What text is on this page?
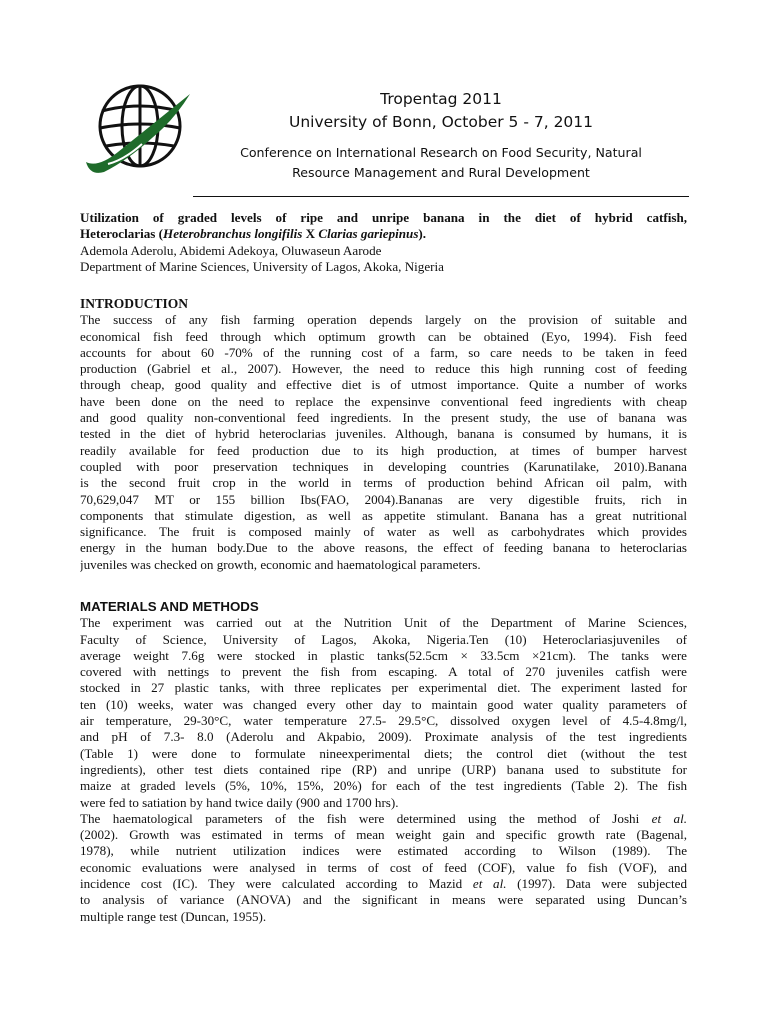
Tropentag 2011
University of Bonn, October 5 - 7, 2011
Conference on International Research on Food Security, Natural
Resource Management and Rural Development
Utilization of graded levels of ripe and unripe banana in the diet of hybrid catfish,
Heteroclarias (Heterobranchus longifilis X Clarias gariepinus).
Ademola Aderolu, Abidemi Adekoya, Oluwaseun Aarode
Department of Marine Sciences, University of Lagos, Akoka, Nigeria
INTRODUCTION
The success of any fish farming operation depends largely on the provision of suitable and
economical fish feed through which optimum growth can be obtained (Eyo, 1994). Fish feed
accounts for about 60 -70% of the running cost of a farm, so care needs to be taken in feed
production (Gabriel et al., 2007). However, the need to reduce this high running cost of feeding
through cheap, good quality and effective diet is of utmost importance. Quite a number of works
have been done on the need to replace the expensinve conventional feed ingredients with cheap
and good quality non-conventional feed ingredients. In the present study, the use of banana was
tested in the diet of hybrid heteroclarias juveniles. Although, banana is consumed by humans, it is
readily available for feed production due to its high production, at times of bumper harvest
coupled with poor preservation techniques in developing countries (Karunatilake, 2010).Banana
is the second fruit crop in the world in terms of production behind African oil palm, with
70,629,047 MT or 155 billion Ibs(FAO, 2004).Bananas are very digestible fruits, rich in
components that stimulate digestion, as well as appetite stimulant. Banana has a great nutritional
significance. The fruit is composed mainly of water as well as carbohydrates which provides
energy in the human body.Due to the above reasons, the effect of feeding banana to heteroclarias
juveniles was checked on growth, economic and haematological parameters.
MATERIALS AND METHODS
The experiment was carried out at the Nutrition Unit of the Department of Marine Sciences,
Faculty of Science, University of Lagos, Akoka, Nigeria.Ten (10) Heteroclariasjuveniles of
average weight 7.6g were stocked in plastic tanks(52.5cm × 33.5cm ×21cm). The tanks were
covered with nettings to prevent the fish from escaping. A total of 270 juveniles catfish were
stocked in 27 plastic tanks, with three replicates per experimental diet. The experiment lasted for
ten (10) weeks, water was changed every other day to maintain good water quality parameters of
air temperature, 29-30°C, water temperature 27.5- 29.5°C, dissolved oxygen level of 4.5-4.8mg/l,
and pH of 7.3- 8.0 (Aderolu and Akpabio, 2009). Proximate analysis of the test ingredients
(Table 1) were done to formulate nineexperimental diets; the control diet (without the test
ingredients), other test diets contained ripe (RP) and unripe (URP) banana used to substitute for
maize at graded levels (5%, 10%, 15%, 20%) for each of the test ingredients (Table 2). The fish
were fed to satiation by hand twice daily (900 and 1700 hrs).
The haematological parameters of the fish were determined using the method of Joshi et al.
(2002). Growth was estimated in terms of mean weight gain and specific growth rate (Bagenal,
1978), while nutrient utilization indices were estimated according to Wilson (1989). The
economic evaluations were analysed in terms of cost of feed (COF), value fo fish (VOF), and
incidence cost (IC). They were calculated according to Mazid et al. (1997). Data were subjected
to analysis of variance (ANOVA) and the significant in means were separated using Duncan’s
multiple range test (Duncan, 1955).
